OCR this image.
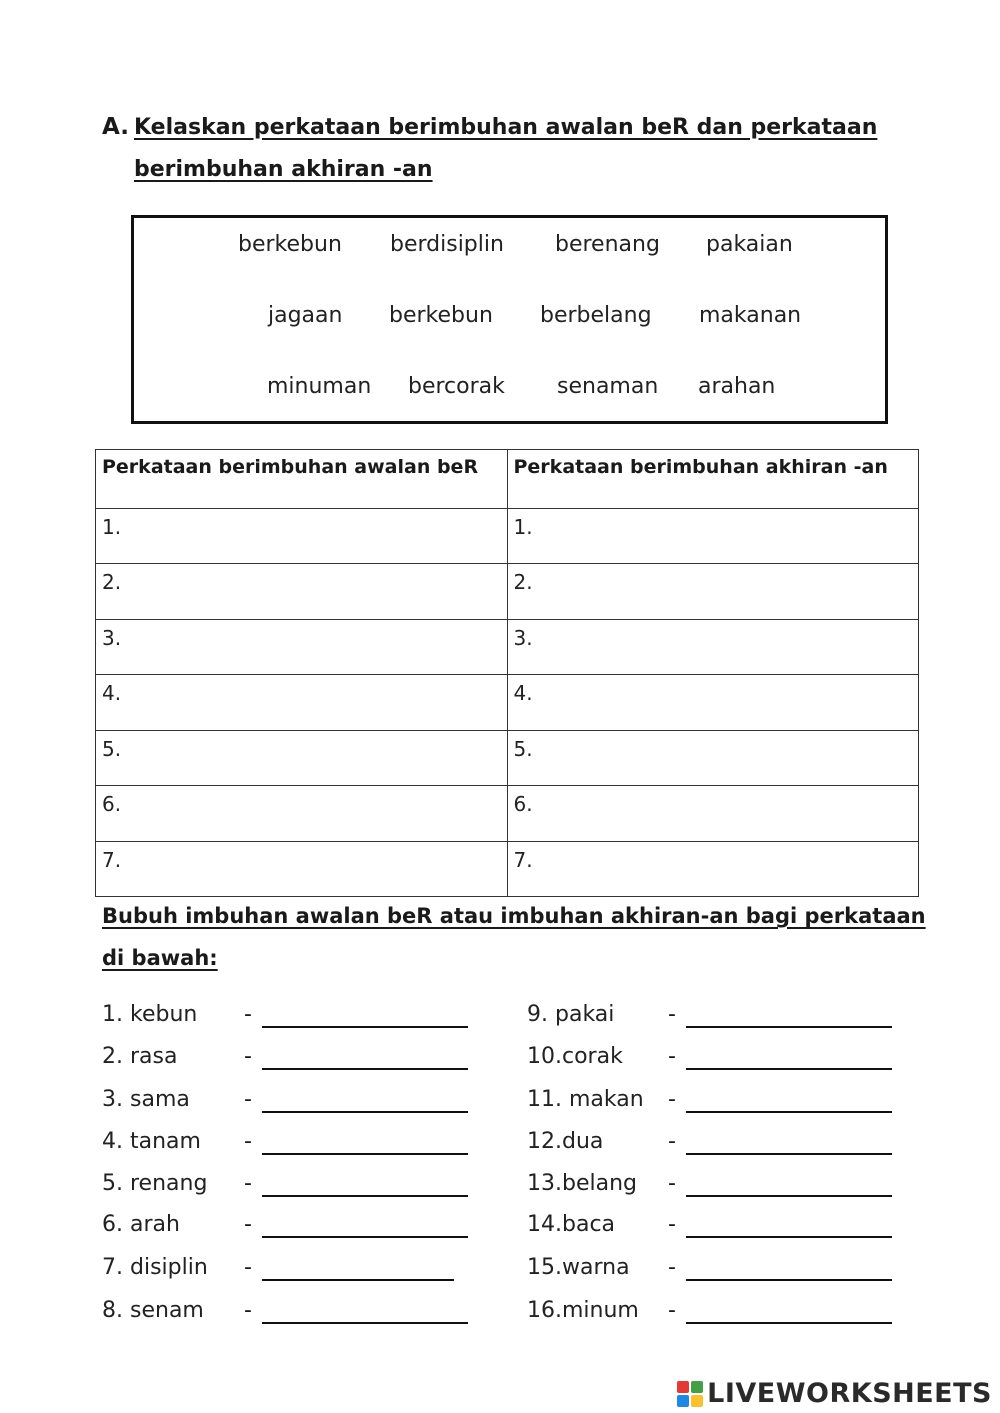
A. Kelaskan perkataan berimbuhan awalan beR dan perkataan
berimbuhan akhiran -an
berkebun berdisiplin berenang pakaian
jagaan berkebun berbelang makanan
minuman bercorak senaman arahan
Perkataan berimbuhan awalan beR	Perkataan berimbuhan akhiran -an
1.	1.
2.	2.
3.	3.
4.	4.
5.	5.
6.	6.
7.	7.
Bubuh imbuhan awalan beR atau imbuhan akhiran-an bagi perkataan
di bawah:
1. kebun -
2. rasa	-
3. sama -
4. tanam -
5. renang -
6. arah	-
7. disiplin -
8. senam -
9. pakai -
10.corak -
11. makan -
12.dua	-
13.belang -
14.baca -
15.warna -
16.minum -
LIVEWORKSHEETS
